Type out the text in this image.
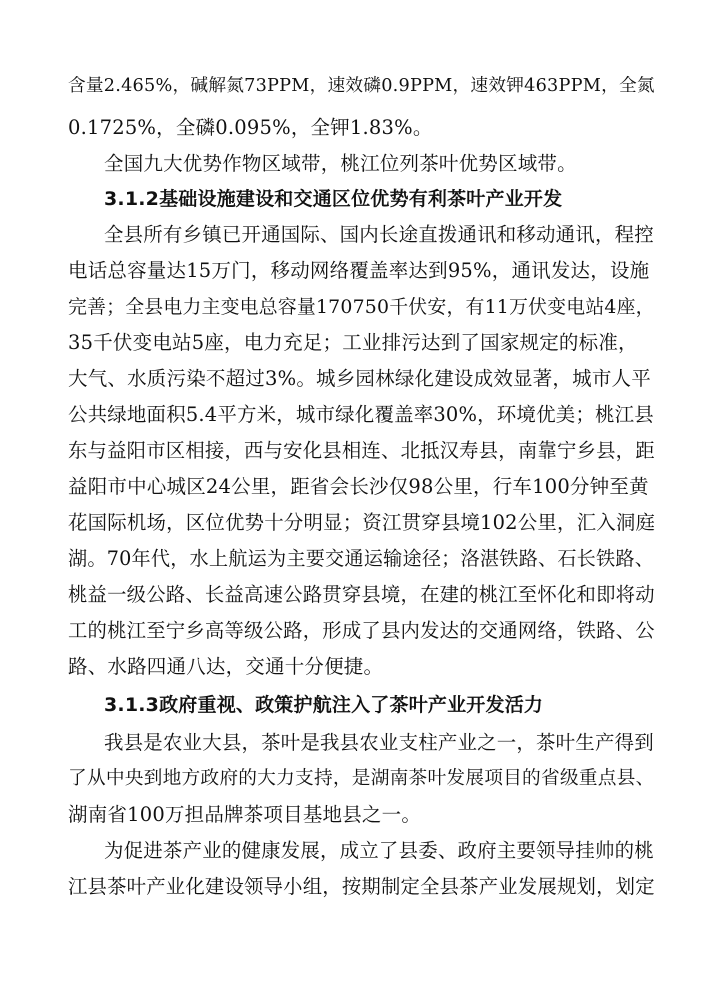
含量2.465%，碱解氮73PPM，速效磷0.9PPM，速效钾463PPM，全氮
0.1725%，全磷0.095%，全钾1.83%。
全国九大优势作物区域带，桃江位列茶叶优势区域带。
3.1.2基础设施建设和交通区位优势有利茶叶产业开发
全县所有乡镇已开通国际、国内长途直拨通讯和移动通讯，程控
电话总容量达15万门，移动网络覆盖率达到95%，通讯发达，设施
完善；全县电力主变电总容量170750千伏安，有11万伏变电站4座，
35千伏变电站5座，电力充足；工业排污达到了国家规定的标准，
大气、水质污染不超过3%。城乡园林绿化建设成效显著，城市人平
公共绿地面积5.4平方米，城市绿化覆盖率30%，环境优美；桃江县
东与益阳市区相接，西与安化县相连、北抵汉寿县，南靠宁乡县，距
益阳市中心城区24公里，距省会长沙仅98公里，行车100分钟至黄
花国际机场，区位优势十分明显；资江贯穿县境102公里，汇入洞庭
湖。70年代，水上航运为主要交通运输途径；洛湛铁路、石长铁路、
桃益一级公路、长益高速公路贯穿县境，在建的桃江至怀化和即将动
工的桃江至宁乡高等级公路，形成了县内发达的交通网络，铁路、公
路、水路四通八达，交通十分便捷。
3.1.3政府重视、政策护航注入了茶叶产业开发活力
我县是农业大县，茶叶是我县农业支柱产业之一，茶叶生产得到
了从中央到地方政府的大力支持，是湖南茶叶发展项目的省级重点县、
湖南省100万担品牌茶项目基地县之一。
为促进茶产业的健康发展，成立了县委、政府主要领导挂帅的桃
江县茶叶产业化建设领导小组，按期制定全县茶产业发展规划，划定
